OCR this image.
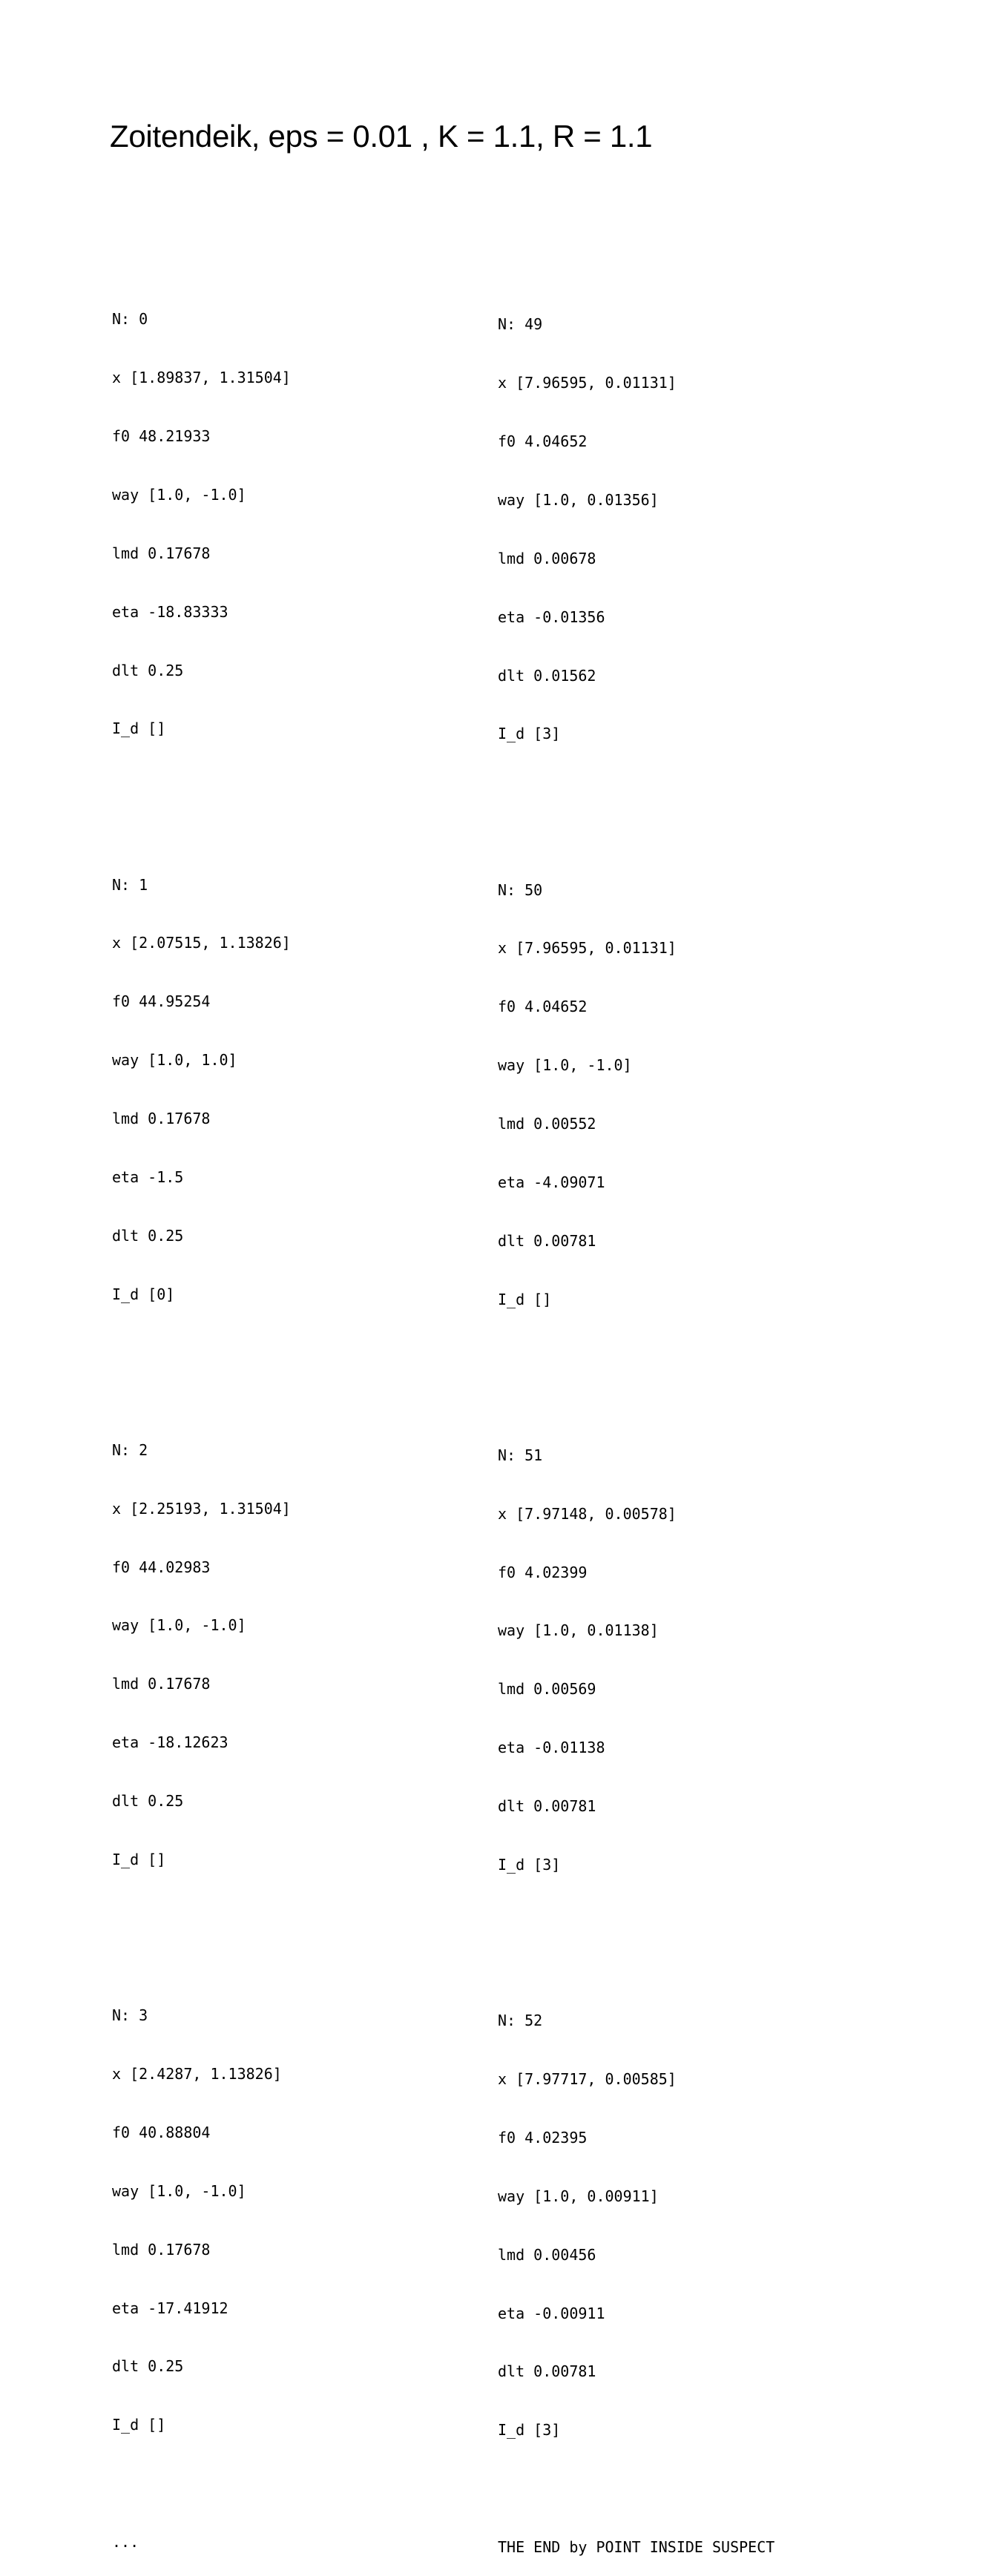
Zoitendeik, eps = 0.01 , K = 1.1, R = 1.1

N: 0

x [1.89837, 1.31504]

f0 48.21933

way [1.0, -1.0]

lmd 0.17678

eta -18.83333

dlt 0.25

I_d []

N: 1

x [2.07515, 1.13826]

f0 44.95254

way [1.0, 1.0]

lmd 0.17678

eta -1.5

dlt 0.25

I_d [0]

N: 2

x [2.25193, 1.31504]

f0 44.02983

way [1.0, -1.0]

lmd 0.17678

eta -18.12623

dlt 0.25

I_d []

N: 3

x [2.4287, 1.13826]

f0 40.88804

way [1.0, -1.0]

lmd 0.17678

eta -17.41912

dlt 0.25

I_d []

...

N: 49

x [7.96595, 0.01131]

f0 4.04652

way [1.0, 0.01356]

lmd 0.00678

eta -0.01356

dlt 0.01562

I_d [3]

N: 50

x [7.96595, 0.01131]

f0 4.04652

way [1.0, -1.0]

lmd 0.00552

eta -4.09071

dlt 0.00781

I_d []

N: 51

x [7.97148, 0.00578]

f0 4.02399

way [1.0, 0.01138]

lmd 0.00569

eta -0.01138

dlt 0.00781

I_d [3]

N: 52

x [7.97717, 0.00585]

f0 4.02395

way [1.0, 0.00911]

lmd 0.00456

eta -0.00911

dlt 0.00781

I_d [3]

THE END by POINT INSIDE SUSPECT
